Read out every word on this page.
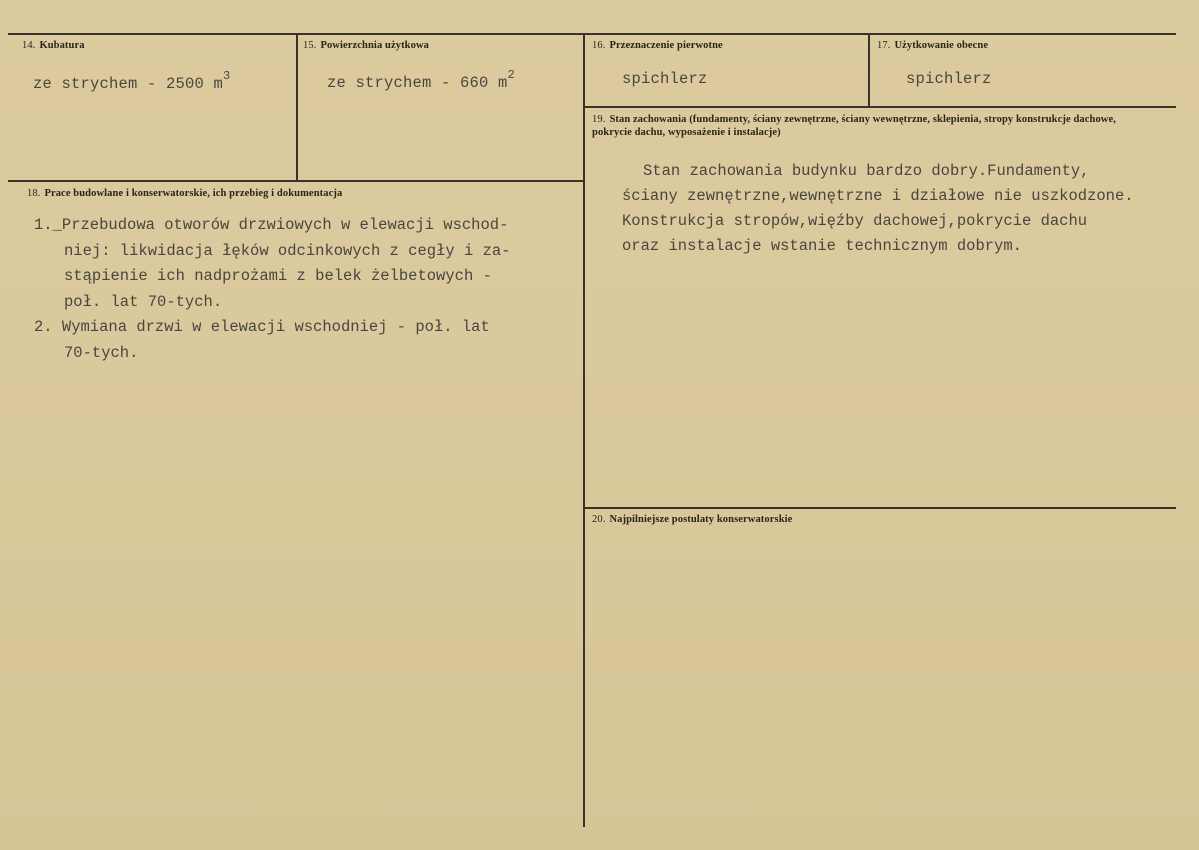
14. Kubatura
ze strychem - 2500 $m^3$
15. Powierzchnia użytkowa
ze strychem - 660 $m^2$
16. Przeznaczenie pierwotne
spichlerz
17. Użytkowanie obecne
spichlerz
18. Prace budowlane i konserwatorskie, ich przebieg i dokumentacja
1._Przebudowa otworów drzwiowych w elewacji wschod-
niej: likwidacja łęków odcinkowych z cegły i za-
stąpienie ich nadprożami z belek żelbetowych -
poł. lat 70-tych.
2. Wymiana drzwi w elewacji wschodniej - poł. lat
70-tych.
19. Stan zachowania (fundamenty, ściany zewnętrzne, ściany wewnętrzne, sklepienia, stropy konstrukcje dachowe, pokrycie dachu, wyposażenie i instalacje)
Stan zachowania budynku bardzo dobry.Fundamenty,
ściany zewnętrzne,wewnętrzne i działowe nie uszkodzone.
Konstrukcja stropów,więźby dachowej,pokrycie dachu
oraz instalacje wstanie technicznym dobrym.
20. Najpilniejsze postulaty konserwatorskie
